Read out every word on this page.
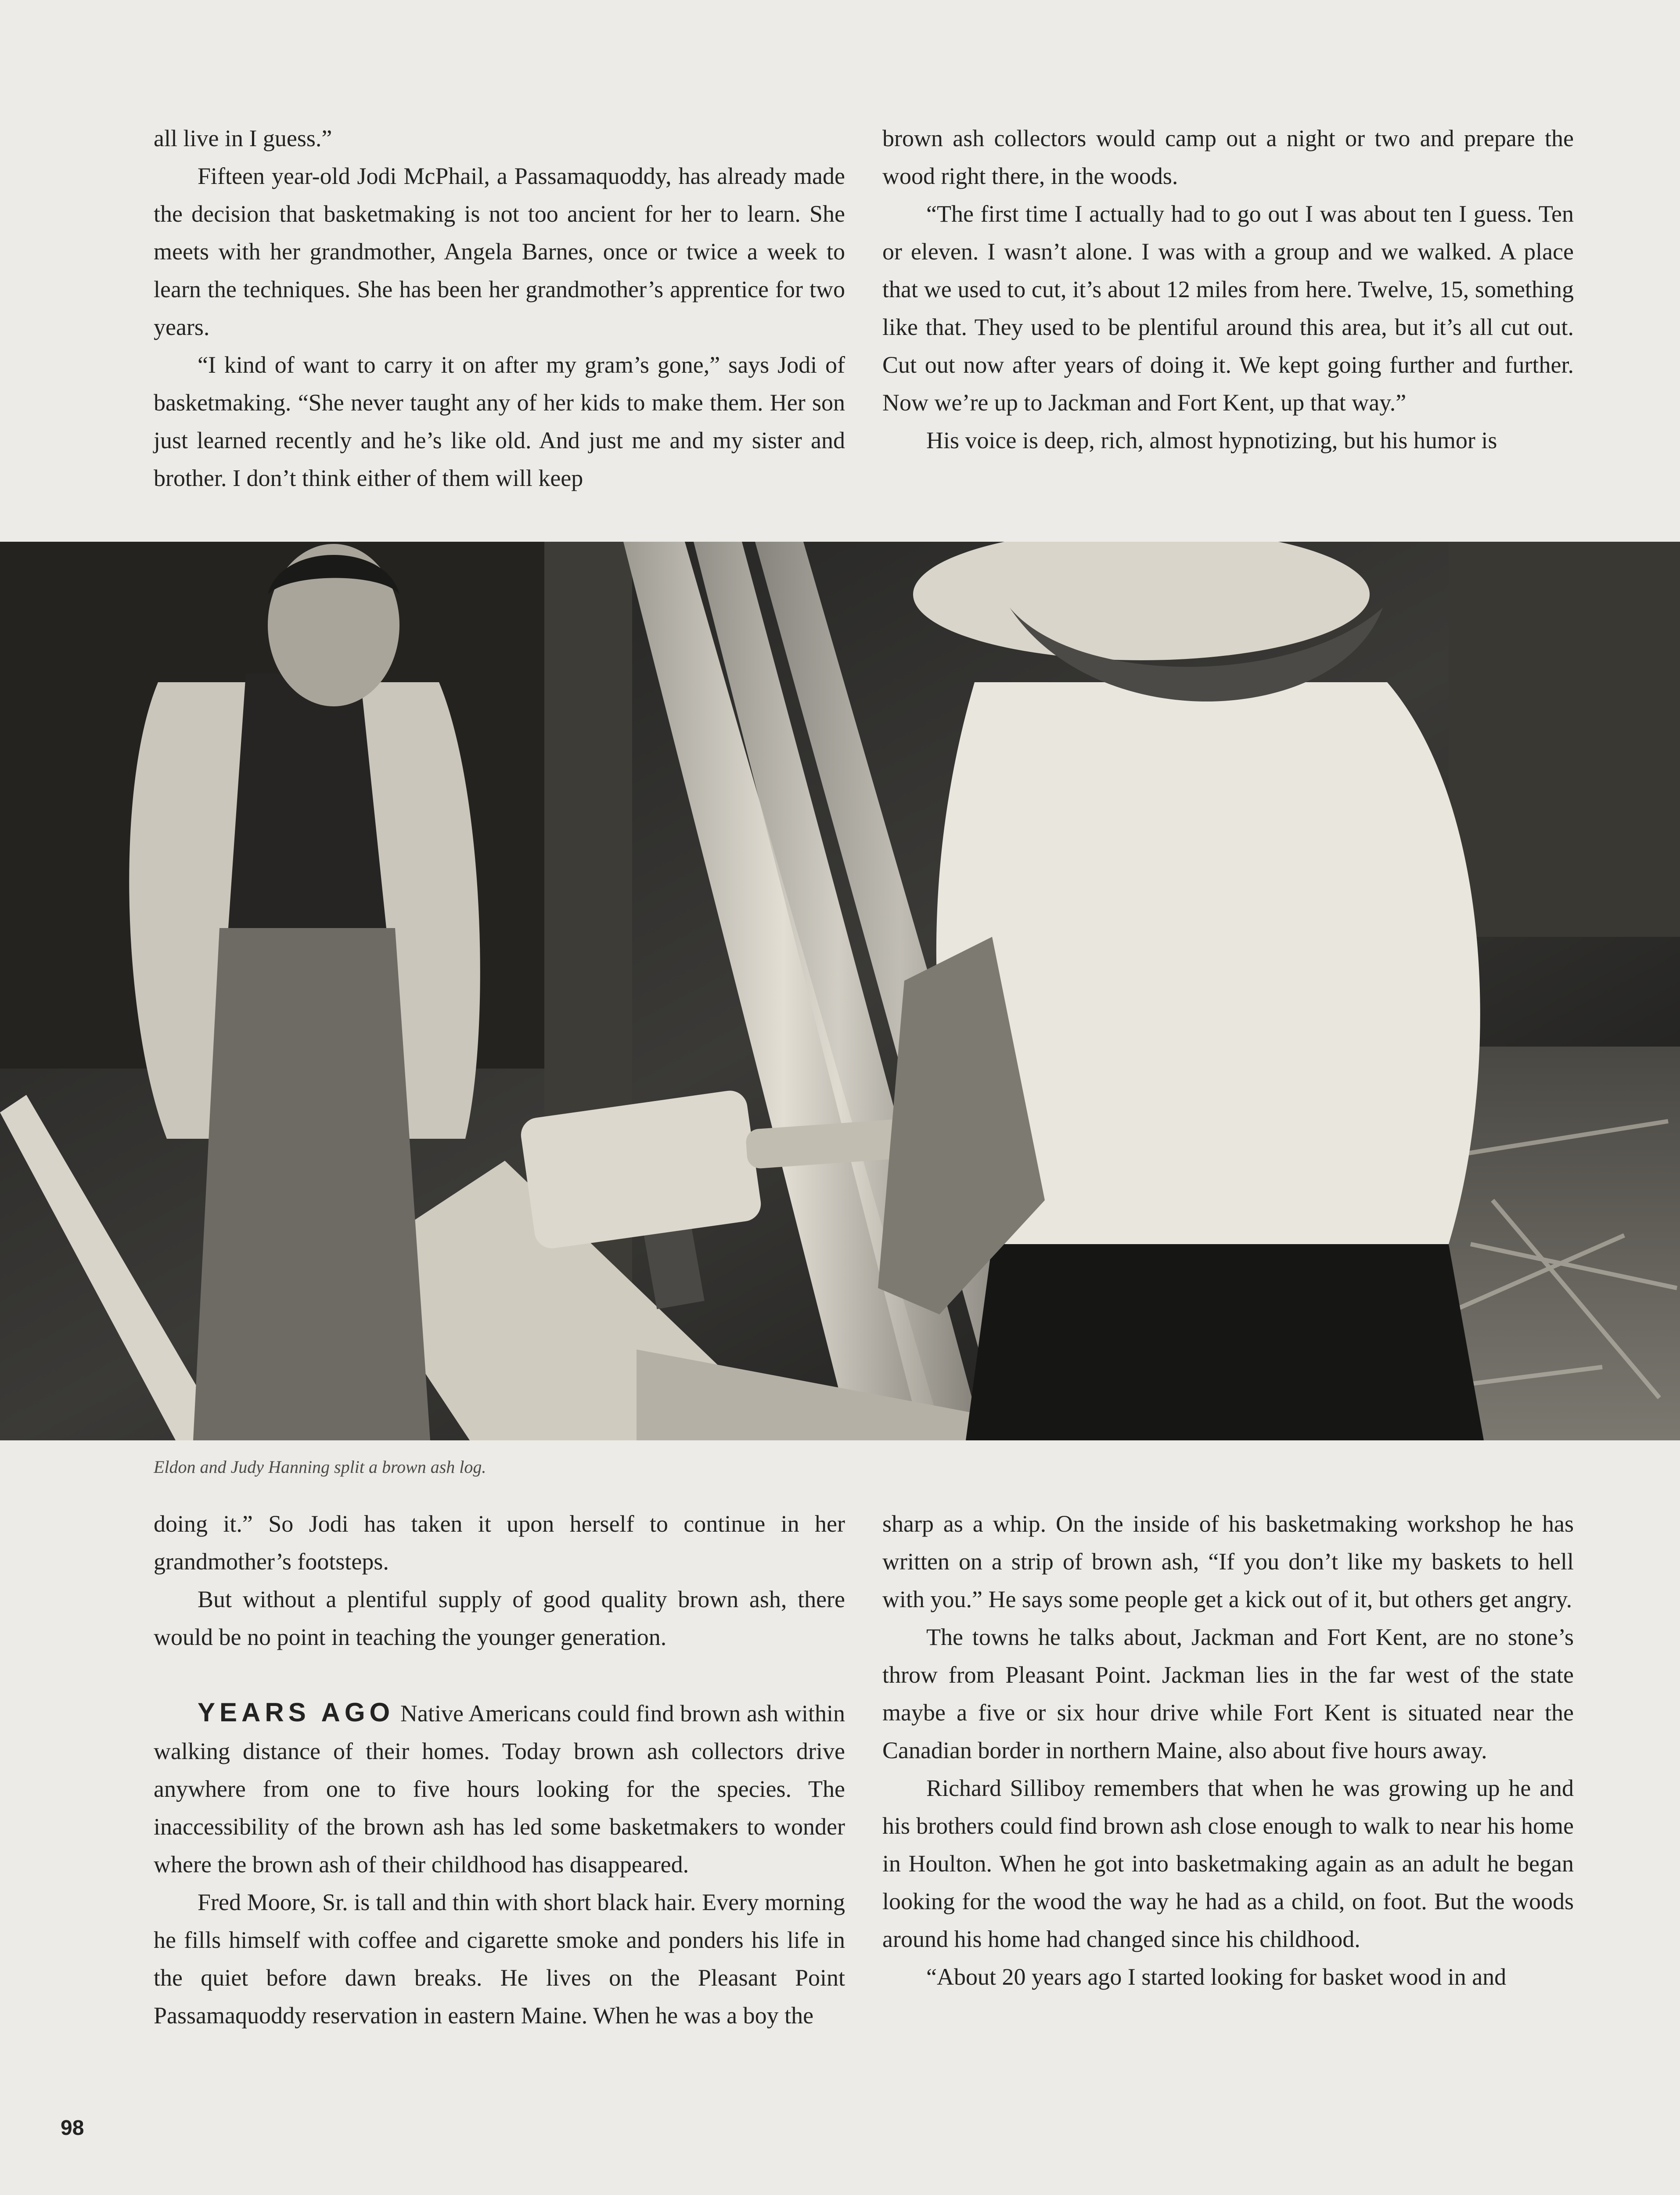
all live in I guess.”

Fifteen year-old Jodi McPhail, a Passamaquoddy, has already made the decision that basketmaking is not too ancient for her to learn. She meets with her grandmother, Angela Barnes, once or twice a week to learn the techniques. She has been her grandmother’s apprentice for two years.

“I kind of want to carry it on after my gram’s gone,” says Jodi of basketmaking. “She never taught any of her kids to make them. Her son just learned recently and he’s like old. And just me and my sister and brother. I don’t think either of them will keep

brown ash collectors would camp out a night or two and prepare the wood right there, in the woods.

“The first time I actually had to go out I was about ten I guess. Ten or eleven. I wasn’t alone. I was with a group and we walked. A place that we used to cut, it’s about 12 miles from here. Twelve, 15, something like that. They used to be plentiful around this area, but it’s all cut out. Cut out now after years of doing it. We kept going further and further. Now we’re up to Jackman and Fort Kent, up that way.”

His voice is deep, rich, almost hypnotizing, but his humor is

Eldon and Judy Hanning split a brown ash log.

doing it.” So Jodi has taken it upon herself to continue in her grandmother’s footsteps.

But without a plentiful supply of good quality brown ash, there would be no point in teaching the younger generation.

YEARS AGO Native Americans could find brown ash within walking distance of their homes. Today brown ash collectors drive anywhere from one to five hours looking for the species. The inaccessibility of the brown ash has led some basketmakers to wonder where the brown ash of their childhood has disappeared.

Fred Moore, Sr. is tall and thin with short black hair. Every morning he fills himself with coffee and cigarette smoke and ponders his life in the quiet before dawn breaks. He lives on the Pleasant Point Passamaquoddy reservation in eastern Maine. When he was a boy the

sharp as a whip. On the inside of his basketmaking workshop he has written on a strip of brown ash, “If you don’t like my baskets to hell with you.” He says some people get a kick out of it, but others get angry.

The towns he talks about, Jackman and Fort Kent, are no stone’s throw from Pleasant Point. Jackman lies in the far west of the state maybe a five or six hour drive while Fort Kent is situated near the Canadian border in northern Maine, also about five hours away.

Richard Silliboy remembers that when he was growing up he and his brothers could find brown ash close enough to walk to near his home in Houlton. When he got into basketmaking again as an adult he began looking for the wood the way he had as a child, on foot. But the woods around his home had changed since his childhood.

“About 20 years ago I started looking for basket wood in and

98
